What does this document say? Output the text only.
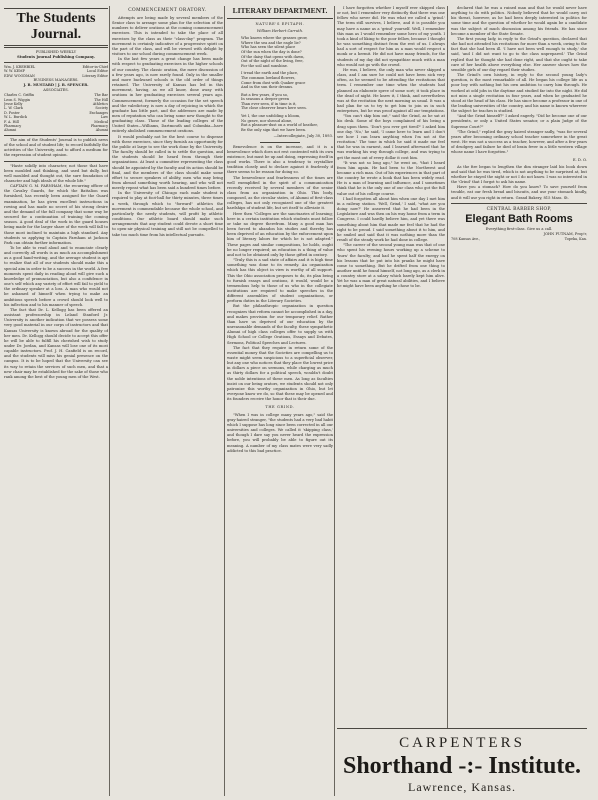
The Students Journal.
PUBLISHED WEEKLY
Students Journal Publishing Company.
Wm. J. KREHBIEL	Editor-in-Chief
W. W. KEMP	Local Editor
EDW. WOODMAN	Literary Editor
BUSINESS MANAGERS.
J. R. MUSTARD | J. B. SPENCER.
ASSOCIATES.
Charles C. Griffin	The Bar
Leon S. Wiggin	The Hill
Jesse Kelly	Athletics
L. W. Clark	Society
D. Foster	Exchanges
W. L. Burdick	Law
F. A. Hill	Medical
Pharmacy	Pharmacy
Alumni	Alumni

The aim of the Students' Journal is to publish news of the school and of student life; to record faithfully the activities of the University, and to afford a medium for the expression of student opinion.

"Haste solidly into character, not those that have been moulded and thinking, and used but dully, but well moulded and thought out, the sure foundation of character and high ideals of the whole life."

CAPTAIN G. M. FARNHAM, the recurring officer of the Cavalry Guards, for which the Battalion was furnished, has recently been assigned for the Guard examination, he has given excellent instructions in rowing and has made no secret of his strong desire and the demand of the full company that some way be secured for a continuation of training the coming season. A good deal of the work in the guard houses being made for the larger share of the week will fall to those most inclined to maintain a high standard. Any students so applying to Captain Farnham at Jackson Park can obtain further information.

To be able to read aloud and to enunciate clearly and correctly all words is as much an accomplishment as a good hand-writing, and the average student is apt to realize that all of our students should make this a special aim in order to be a success in the world. A few moments spent daily in reading aloud will give such a knowledge of pronunciation, but also a confidence in one's self which any variety of effort will fail to yield to the ordinary speaker at a loss. A man who would not be ashamed of himself when trying to make an ambitious speech before a crowd should look well to his inflection and to his manner of speech.

The fact that Dr. L. Kellogg has been offered an assistant professorship in Leland Stanford Jr. University is another indication that we possess some very good material in our corps of instructors and that Kansas University is known abroad for the quality of her men. Dr. Kellogg should decide to accept this offer he will be able to fulfill his cherished wish to study under Dr. Jordan, and Kansas will lose one of its most capable instructors. Prof. J. H. Canfield is on record, and the students will miss his genial presence on the campus. It is to be hoped that the University can see its way to retain the services of such men, and that a new chair may be established for the sake of those who rank among the best of the young men of the West.

COMMENCEMENT ORATORY.

Attempts are being made by several members of the Senior class to arrange some plan for the selection of the numbers to deliver orations at the coming commencement exercises. This is intended to take the place of all exercises by the class as their "class-day" program. The movement is certainly indicative of a progressive spirit on the part of the class, and will be viewed with delight by visitors to our school during commencement week.

In the last few years a great change has been made with respect to graduating exercises in the higher schools of our country. The classic oration, the mere discussion of a few years ago, is now rarely found. Only in the smaller and more backward schools is the old order of things retained. The University of Kansas has led in this movement, having, as we all know, done away with orations in her graduating exercises several years ago. Commencement, formerly the occasion for the set speech and the valedictory, is now a day of rejoicing in which the graduate has little part, and the addresses are made by men of reputation who can bring some new thought to the graduating class. Those of the leading colleges of the United States—Williams, Dartmouth and Columbia—have entirely abolished commencement orations.

It would probably not be the best course to dispense with these exercises, since they furnish an opportunity for the public at large to see the work done by the University. The faculty should be called in to settle the question, and the students should be heard from through their organizations. At least a committee representing the class should be appointed by the faculty and its action should be final, and the members of the class should make some effort to secure speakers of ability, men who may bring from abroad something worth hearing, and who will not merely repeat what has been said a hundred times before.

In the University of Chicago each male student is required to play at foot-ball for thirty minutes, three times a week, through which to "forward" athletics the movement is commendable because the whole school, and particularly the needy students, will profit by athletic conditions. Our athletic board should make such arrangements that any student could devote a short time to open-air physical training and still not be compelled to take too much time from his intellectual pursuits.

LITERARY DEPARTMENT.
NATURE'S EPITAPH.
William Herbert Carruth.
Who knows where the grasses grow,
Where the sea and the eagle lie?
Who has seen the silent place
Of the sun when the day is done?
Of the daisy that opens with dawn,
Out of the night of the living, free,
For the soil and sunshine.
I tread the earth and the place,
The common lowland flowers,
Come from dust with Quaker grace
And in the sun their dreams.
But a few years, if you so,
In seasons a deeper green
Than ever seen, if in time is it,
The close observer bears here seen.
Yet I, the one unfolding a bloom,
No grave, nor shroud alone,
But a pleasure-dust on a world of heather,
Be the only sign that we have been.
—Intercollegiate, July 30, 1893.

Benevolence is on the increase, and it is a benevolence which does not rest contented with its own existence, but must be up and doing, expressing itself in good works. There is also a tendency to crystallize tradition closely and to declare against it fearlessly if there seems to be reason for doing so.

The benevolence and fearlessness of the times are well exemplified in the spirit of a communication recently received by several members of the senior class from an organization in Ohio. This body, composed, as the circular states, of Alumni of first-class colleges, has not only recognized one of the greatest hardships of student life, but set itself to alleviate it.

Here then "Colleges are the sanctuaries of learning; here in a certain institution which students must follow or take no degree therefrom. Many a good man has been forced to abandon his studies and thereby has been deprived of an education by the enforcement upon him of literary labors for which he is not adapted." These pages and similar compositions, he holds, ought be no longer required; an education is a thing of value and not to be obtained only by those gifted in oratory.

"Truly this is a sad state of affairs and it is high time something was done to its remedy. An organization which has this object in view is worthy of all support. This the Ohio association proposes to do, its plan being to furnish essays and orations, it would, would be a tremendous help to those of us who in the collegiate institutions are required to make speeches in the different assemblies of student organizations, or perform duties in the Literary Societies.

But the philanthropic organization in question recognizes that reform cannot be accomplished in a day, and makes provision for our temporary relief. Rather than have us deprived of our education by the unreasonable demands of the faculty, these sympathetic Alumni of high class colleges offer to supply us with High School or College Orations, Essays and Debates, Sermons, Political Speeches and Lectures.

The fact that they require in return some of the essential money that the Societies are compelling us to waste might seem suspicious to a superficial observer, but any one who notices that they place the lowest price in dollars a piece on sermons, while charging as much as thirty dollars for a political speech, wouldn't doubt the noble intentions of these men. As long as faculties insist on our being orators, we students should not only patronize this worthy organization in Ohio, but let everyone know we do, so that these may be opened and its founders receive the honor that is their due.

THE GRIND.

"When I was in college many years ago," said the gray-haired stranger, "the students had a very bad habit which I suppose has long since been corrected in all our universities and colleges. We called it 'skipping class,' and though I dare say you never heard the expression before, you will probably be able to figure out its meaning. A number of my class mates were very sadly addicted to this bad practice.

I have forgotten whether I myself ever skipped class or not, but I remember very distinctly that there was one fellow who never did. He was what we called a 'grind.' The term still survives, I believe, and it is possible you may have a name as a 'grind' yourself. Well, I remember this man as I would remember some hero of my youth. I took a kind of liking to the poor fellow, because I thought he was something distinct from the rest of us. I always had a sort of respect for him as a man would respect a monk or a hermit. He did not have many friends, for the students of my day did not sympathize much with a man who would not go with the crowd.

He was, I believe, the only man who never skipped a class, and I am sure he could not have been sick very often, as he seemed to be attending the recitations that term. I remember one time when the students had planned an elaborate spree of some sort; it took place in the dead of night. He knew it, I think, and nevertheless was at the recitation the next morning as usual. It was a bad plan for us to try to get him to join us in such enterprises, but he was proof against all our temptations.

"You can't skip him out," said the Grind, as he sat at his desk. Some of the boys complained of his being a drag upon them. 'Don't you ever get tired?' I asked him one day. 'No,' he said, 'I came here to learn and I don't see how I can learn anything when I'm not at the recitation.' The tone in which he said it made me feel that he was in earnest, and I learned afterward that he was working his way through college, and was trying to get the most out of every dollar it cost him.

"It was not so long ago," he went on, "that I heard from him again. He had been to the Northwest and became a rich man. Out of his experiences in that part of the country he wrote a book that has been widely read. He is a man of learning and influence, and I sometimes think that he is the only one of our class who got the full value out of his college course.

I had forgotten all about him when one day I met him in a railway station. 'Well, Grind,' I said, 'what are you doing now?' He answered that he had been in the Legislature and was then on his way home from a term in Congress. I could hardly believe him, and yet there was something about him that made me feel that he had the right to be proud. I said something about it to him, and he smiled and said that it was nothing more than the result of the steady work he had done in college.

"The career of the second young man was that of one who spent his evening hours working up a scheme to 'burn' the faculty; and had he spent half the energy on his lessons that he put into his pranks he might have come to something. But he drifted from one thing to another until he found himself, not long ago, as a clerk in a country store at a salary which barely kept him alive. Yet he was a man of great natural abilities, and I believe he might have been anything he chose to be.

declared that he was a ruined man and that he would never have anything to do with politics. Nobody believed that he would carry out his threat, however, as he had been deeply interested in politics for some time and the question of whether he would again be a candidate was the subject of much discussion among his friends. He has since become a member of the State Senate.

The first young lady, in reply to the Grind's question, declared that she had not attended his recitations for more than a week, owing to the fact that she had been ill. 'I have not been well enough to study,' she said, 'and I did not want to go to the class unprepared.' The Grind replied that he thought she had done right, and that she ought to take care of her health above everything else. Her answer shows how the sensible girls of our day regard their studies.

The Grind's own history, in reply to the second young lady's question, is the most remarkable of all. He began his college life as a poor boy with nothing but his own ambition to carry him through. He worked at odd jobs in the daytime and studied far into the night. He did not miss a single recitation in four years, and when he graduated he stood at the head of his class. He has since become a professor in one of the leading universities of the country, and his name is known wherever the subject he teaches is studied.

"And the Grind himself?" I asked eagerly. "Did he become one of our presidents, or only a United States senator, or a plain Judge of the Supreme Court?"

"The Grind," replied the gray haired stranger sadly, "was for several years after becoming ordinary school teacher somewhere in the great west. He was not a success as a teacher, however, and after a few years of drudgery and failure he died of brain fever in a little western village whose name I have forgotten."

E. D. O.

As the fire began to lengthen the dim stranger laid his book down and said that he was tired, which is not anything to be surprised at, but whether he stayed the night or not I do not know. I was so interested in the 'Grind' that I forgot to ask his name.

Have you a stomach? How do you know? To save yourself from trouble, eat our fresh bread and biscuits, and use your stomach kindly, and it will use you right in return. Grand Bakery, 815 Mass. St.

CENTRAL BARBER SHOP,
Elegant Bath Rooms
Everything first-class. Give us a call.
JOHN PUTNAM, Prop'r,
708 Kansas Ave.,	Topeka, Kan.
CARPENTERS
Shorthand -:- Institute.
Lawrence, Kansas.
